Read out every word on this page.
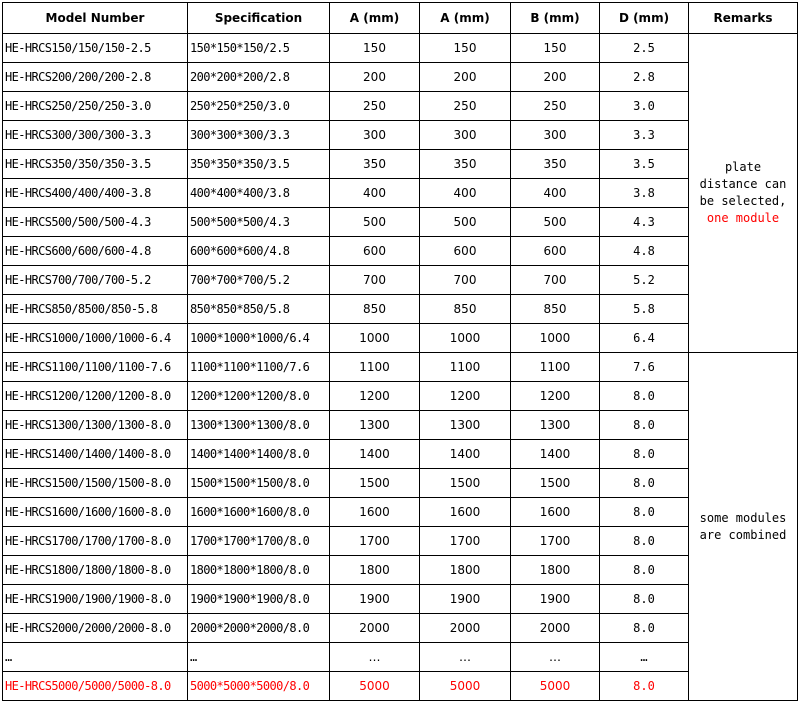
Model Number	Specification	A (mm)	A (mm)	B (mm)	D (mm)	Remarks
HE-HRCS150/150/150-2.5	150*150*150/2.5	150	150	150	2.5	plate distance can be selected,
one module

HE-HRCS200/200/200-2.8	200*200*200/2.8	200	200	200	2.8	
HE-HRCS250/250/250-3.0	250*250*250/3.0	250	250	250	3.0	
HE-HRCS300/300/300-3.3	300*300*300/3.3	300	300	300	3.3	
HE-HRCS350/350/350-3.5	350*350*350/3.5	350	350	350	3.5	
HE-HRCS400/400/400-3.8	400*400*400/3.8	400	400	400	3.8	
HE-HRCS500/500/500-4.3	500*500*500/4.3	500	500	500	4.3	
HE-HRCS600/600/600-4.8	600*600*600/4.8	600	600	600	4.8	
HE-HRCS700/700/700-5.2	700*700*700/5.2	700	700	700	5.2	
HE-HRCS850/8500/850-5.8	850*850*850/5.8	850	850	850	5.8	
HE-HRCS1000/1000/1000-6.4	1000*1000*1000/6.4	1000	1000	1000	6.4	
HE-HRCS1100/1100/1100-7.6	1100*1100*1100/7.6	1100	1100	1100	7.6	some modules are combined

HE-HRCS1200/1200/1200-8.0	1200*1200*1200/8.0	1200	1200	1200	8.0	
HE-HRCS1300/1300/1300-8.0	1300*1300*1300/8.0	1300	1300	1300	8.0	
HE-HRCS1400/1400/1400-8.0	1400*1400*1400/8.0	1400	1400	1400	8.0	
HE-HRCS1500/1500/1500-8.0	1500*1500*1500/8.0	1500	1500	1500	8.0	
HE-HRCS1600/1600/1600-8.0	1600*1600*1600/8.0	1600	1600	1600	8.0	
HE-HRCS1700/1700/1700-8.0	1700*1700*1700/8.0	1700	1700	1700	8.0	
HE-HRCS1800/1800/1800-8.0	1800*1800*1800/8.0	1800	1800	1800	8.0	
HE-HRCS1900/1900/1900-8.0	1900*1900*1900/8.0	1900	1900	1900	8.0	
HE-HRCS2000/2000/2000-8.0	2000*2000*2000/8.0	2000	2000	2000	8.0	
…	…	…	…	…	…	
HE-HRCS5000/5000/5000-8.0	5000*5000*5000/8.0	5000	5000	5000	8.0	
